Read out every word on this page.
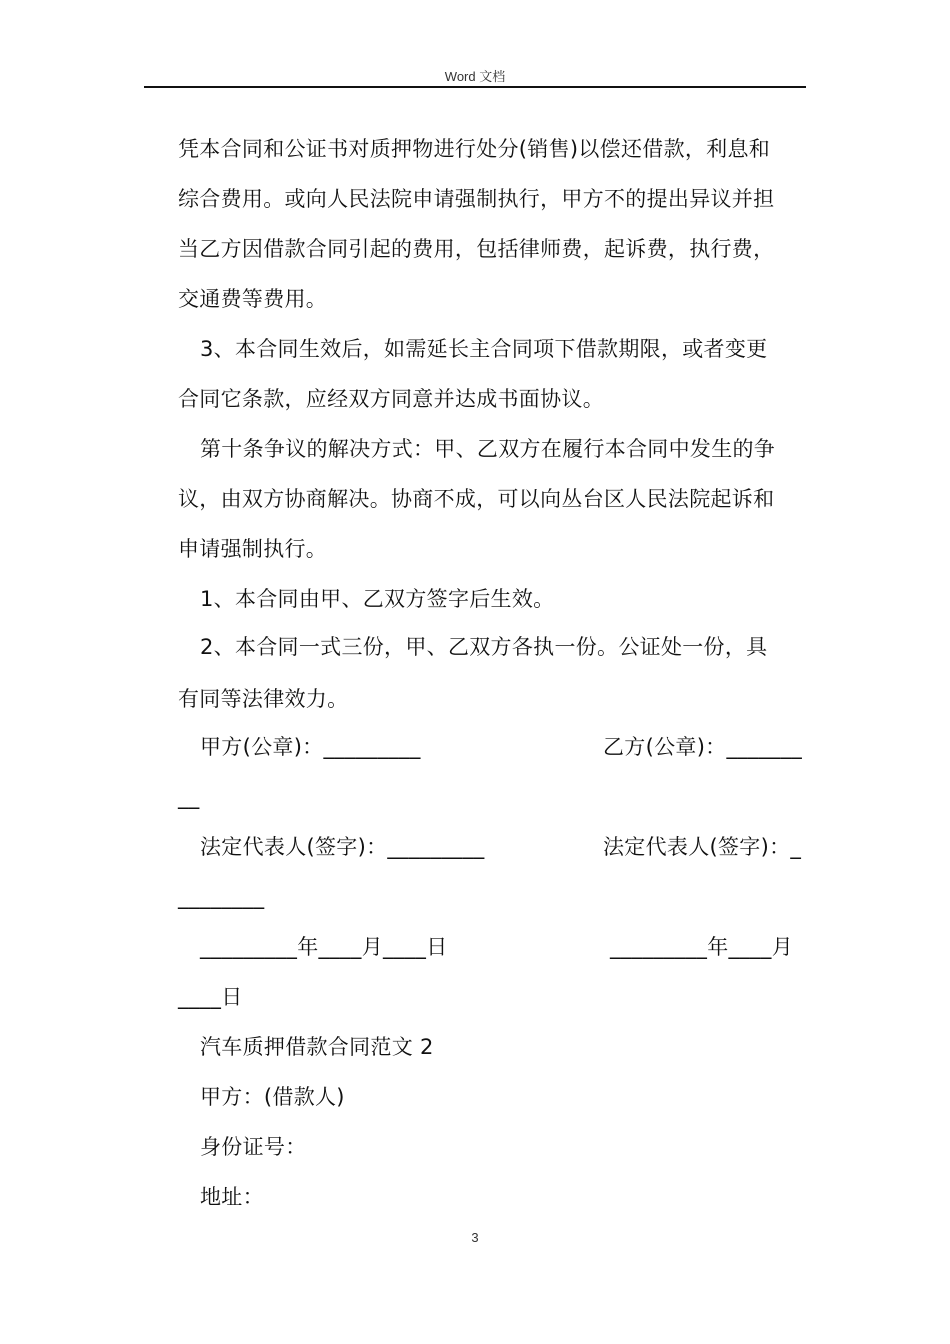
Word 文档
凭本合同和公证书对质押物进行处分(销售)以偿还借款，利息和
综合费用。或向人民法院申请强制执行，甲方不的提出异议并担
当乙方因借款合同引起的费用，包括律师费，起诉费，执行费，
交通费等费用。
3、本合同生效后，如需延长主合同项下借款期限，或者变更
合同它条款，应经双方同意并达成书面协议。
第十条争议的解决方式：甲、乙双方在履行本合同中发生的争
议，由双方协商解决。协商不成，可以向丛台区人民法院起诉和
申请强制执行。
1、本合同由甲、乙双方签字后生效。
2、本合同一式三份，甲、乙双方各执一份。公证处一份，具
有同等法律效力。
甲方(公章)：_________	乙方(公章)：_______
__
法定代表人(签字)：_________	法定代表人(签字)：_
________
_________年____月____日	_________年____月
____日
汽车质押借款合同范文 2
甲方：(借款人)
身份证号：
地址：
3
